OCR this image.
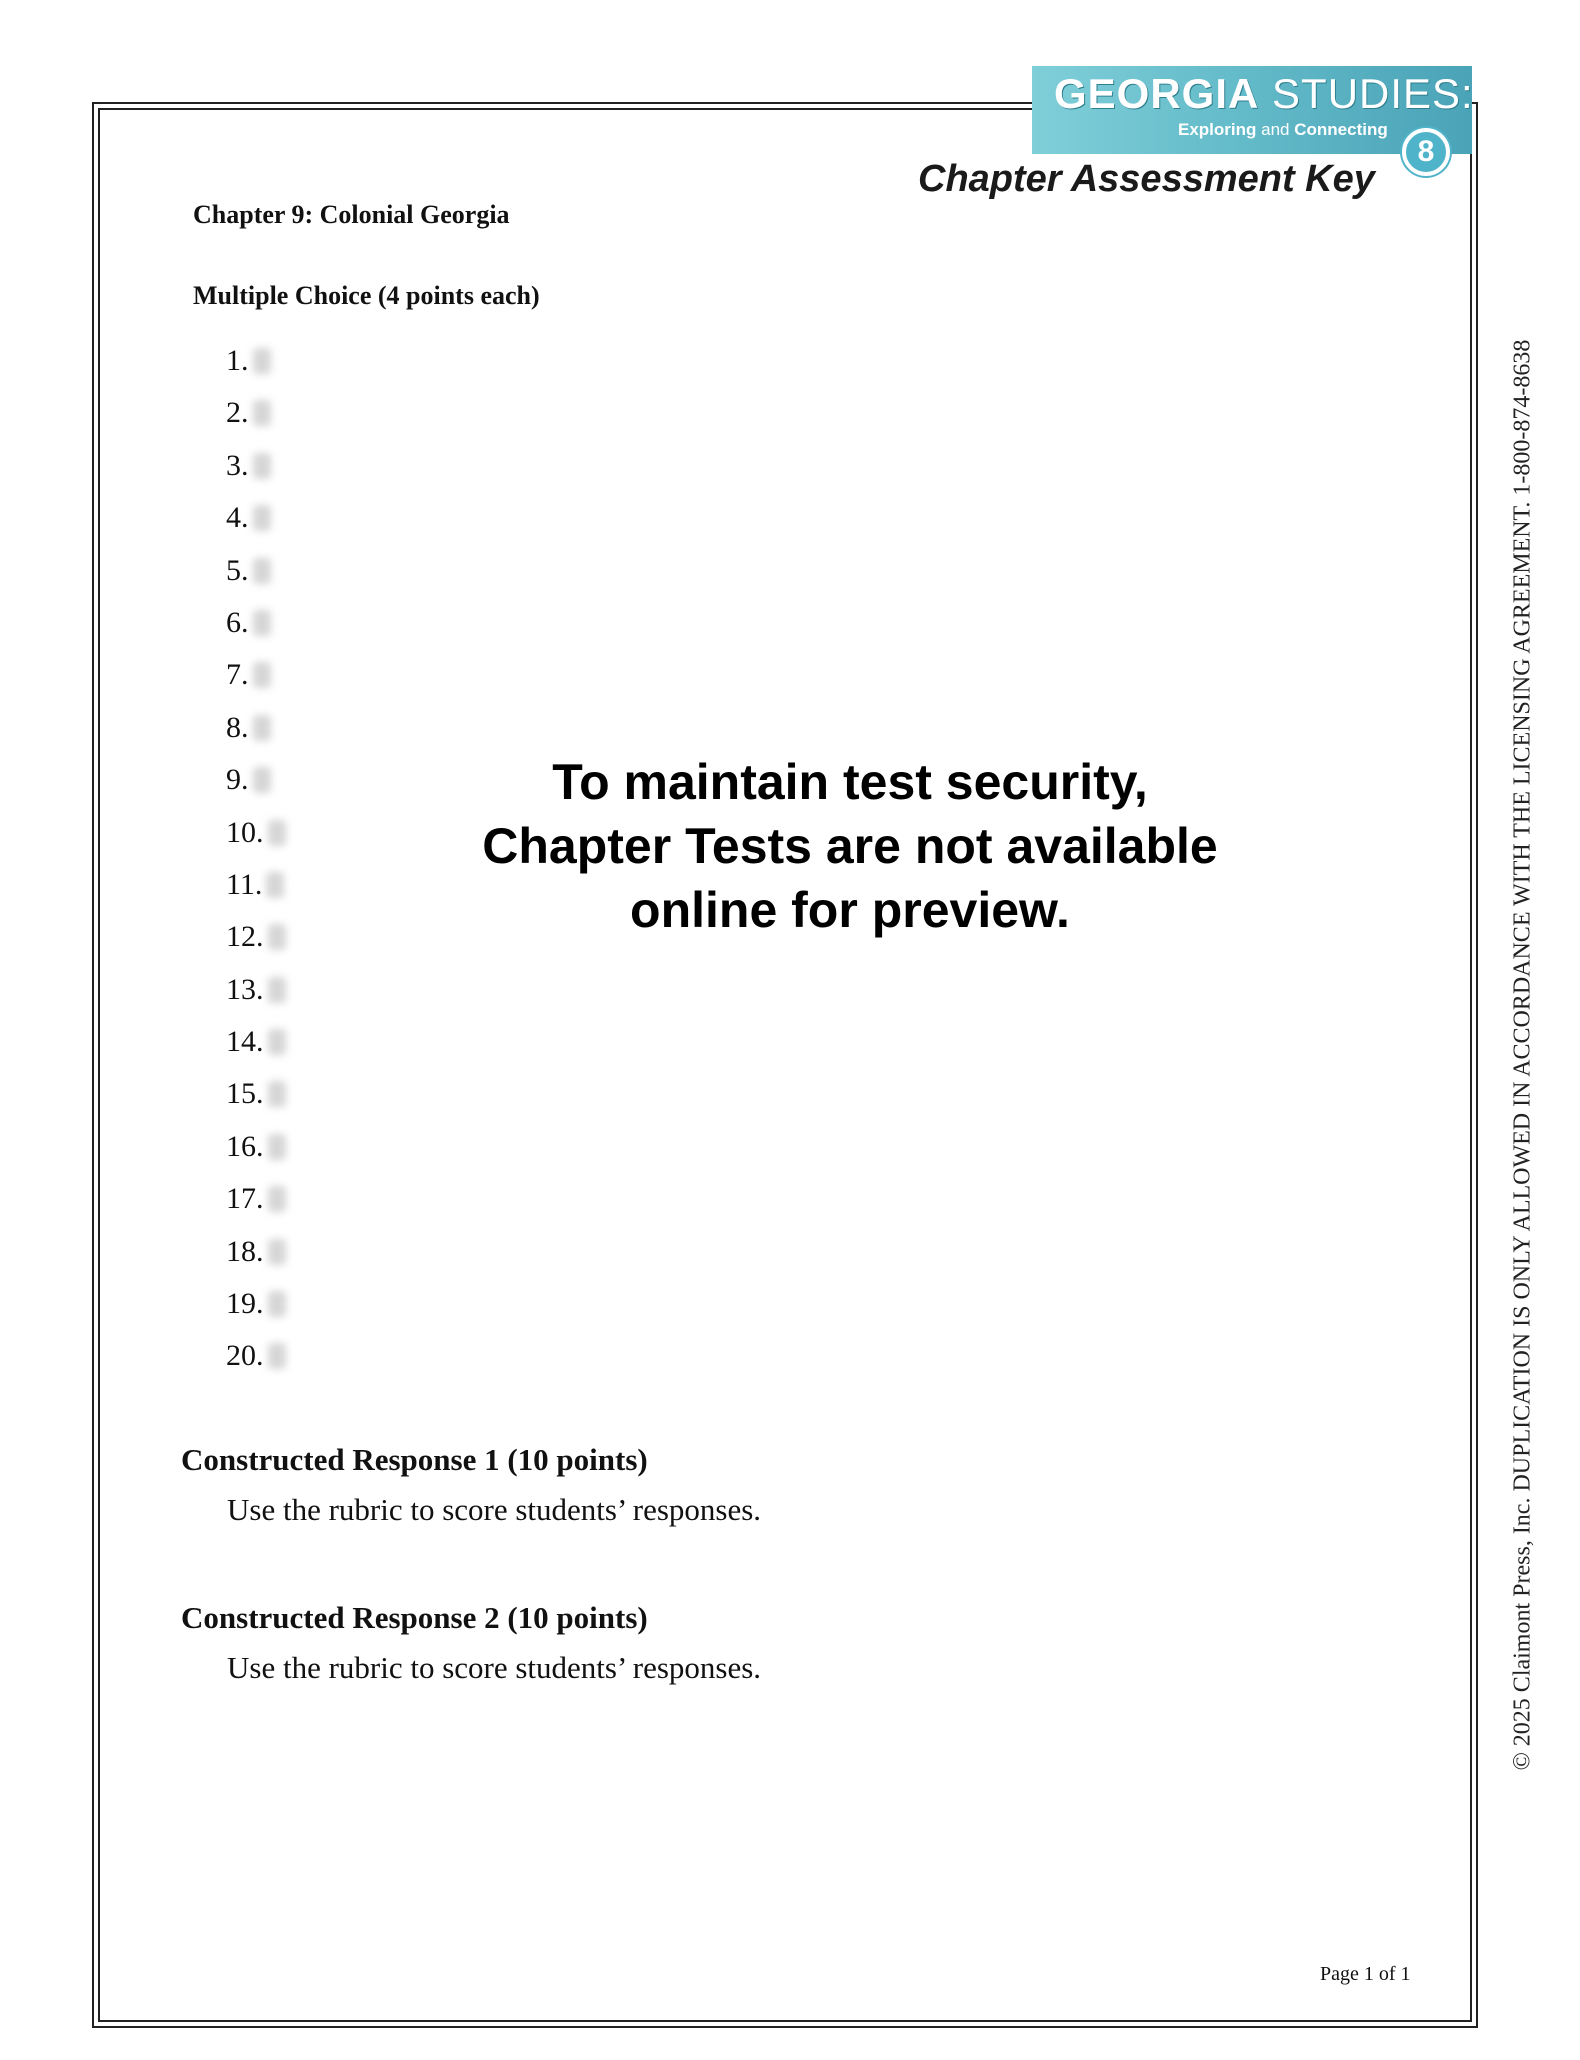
GEORGIA STUDIES:
Exploring and Connecting
8
Chapter Assessment Key
Chapter 9: Colonial Georgia
Multiple Choice (4 points each)
1.
2.
3.
4.
5.
6.
7.
8.
9.
10.
11.
12.
13.
14.
15.
16.
17.
18.
19.
20.
To maintain test security,
Chapter Tests are not available
online for preview.
Constructed Response 1 (10 points)
Use the rubric to score students’ responses.
Constructed Response 2 (10 points)
Use the rubric to score students’ responses.
Page 1 of 1
© 2025 Claimont Press, Inc. DUPLICATION IS ONLY ALLOWED IN ACCORDANCE WITH THE LICENSING AGREEMENT. 1-800-874-8638
